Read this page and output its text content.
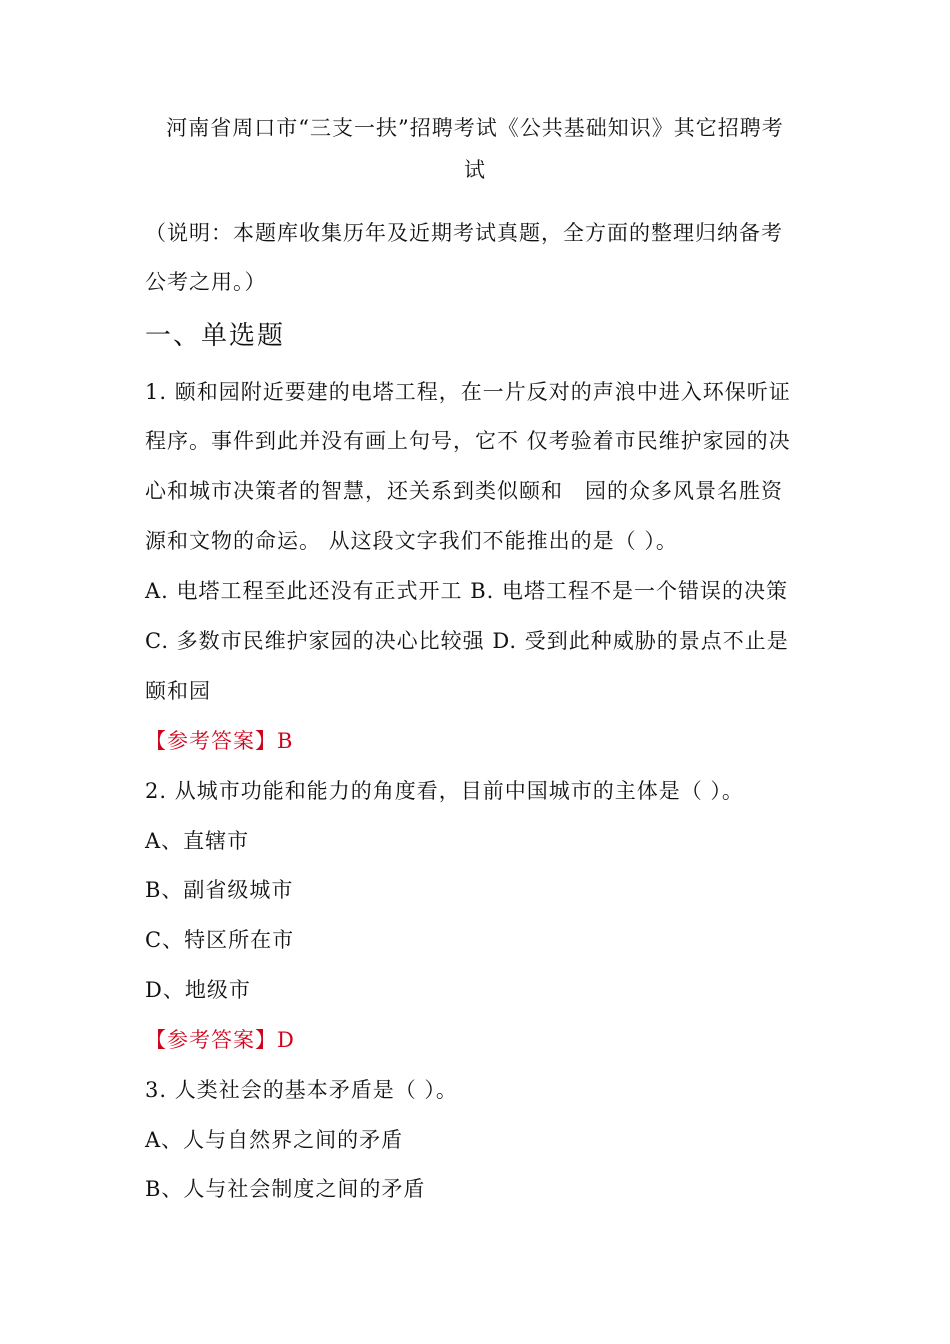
河南省周口市“三支一扶”招聘考试《公共基础知识》其它招聘考
试
（说明：本题库收集历年及近期考试真题，全方面的整理归纳备考
公考之用。）
一、单选题
1. 颐和园附近要建的电塔工程，在一片反对的声浪中进入环保听证
程序。事件到此并没有画上句号，它不 仅考验着市民维护家园的决
心和城市决策者的智慧，还关系到类似颐和　园的众多风景名胜资
源和文物的命运。 从这段文字我们不能推出的是（ ）。
A. 电塔工程至此还没有正式开工 B. 电塔工程不是一个错误的决策
C. 多数市民维护家园的决心比较强 D. 受到此种威胁的景点不止是
颐和园
【参考答案】B
2. 从城市功能和能力的角度看，目前中国城市的主体是（ ）。
A、直辖市
B、副省级城市
C、特区所在市
D、地级市
【参考答案】D
3. 人类社会的基本矛盾是（ ）。
A、人与自然界之间的矛盾
B、人与社会制度之间的矛盾
